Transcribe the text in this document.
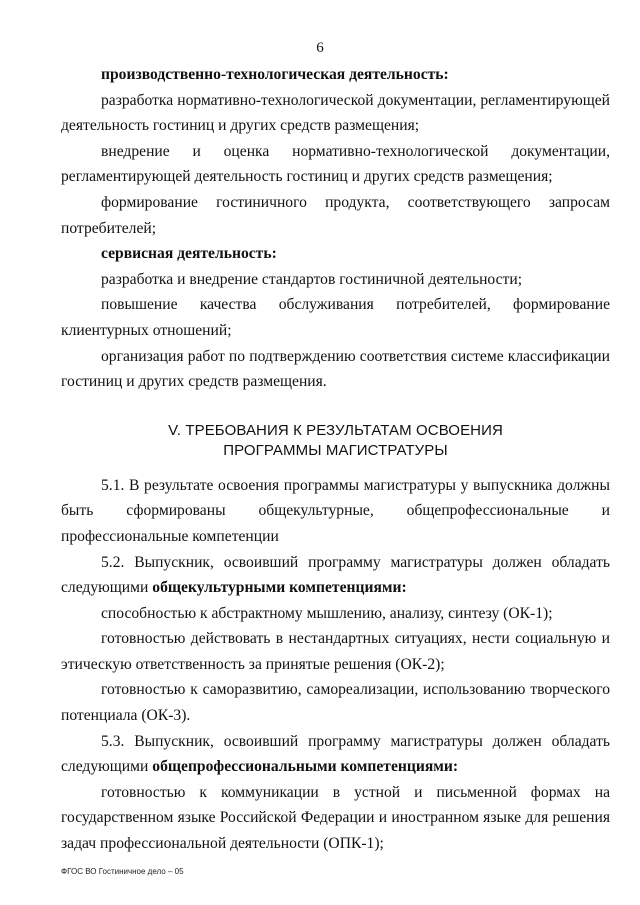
6

производственно-технологическая деятельность:

разработка нормативно-технологической документации, регламентирующей деятельность гостиниц и других средств размещения;

внедрение и оценка нормативно-технологической документации, регламентирующей деятельность гостиниц и других средств размещения;

формирование гостиничного продукта, соответствующего запросам потребителей;

сервисная деятельность:

разработка и внедрение стандартов гостиничной деятельности;

повышение качества обслуживания потребителей, формирование клиентурных отношений;

организация работ по подтверждению соответствия системе классификации гостиниц и других средств размещения.

V. ТРЕБОВАНИЯ К РЕЗУЛЬТАТАМ ОСВОЕНИЯ
ПРОГРАММЫ МАГИСТРАТУРЫ

5.1. В результате освоения программы магистратуры у выпускника должны быть сформированы общекультурные, общепрофессиональные и профессиональные компетенции

5.2. Выпускник, освоивший программу магистратуры должен обладать следующими общекультурными компетенциями:

способностью к абстрактному мышлению, анализу, синтезу (ОК-1);

готовностью действовать в нестандартных ситуациях, нести социальную и этическую ответственность за принятые решения (ОК-2);

готовностью к саморазвитию, самореализации, использованию творческого потенциала (ОК-3).

5.3. Выпускник, освоивший программу магистратуры должен обладать следующими общепрофессиональными компетенциями:

готовностью к коммуникации в устной и письменной формах на государственном языке Российской Федерации и иностранном языке для решения задач профессиональной деятельности (ОПК-1);

ФГОС ВО Гостиничное дело – 05
